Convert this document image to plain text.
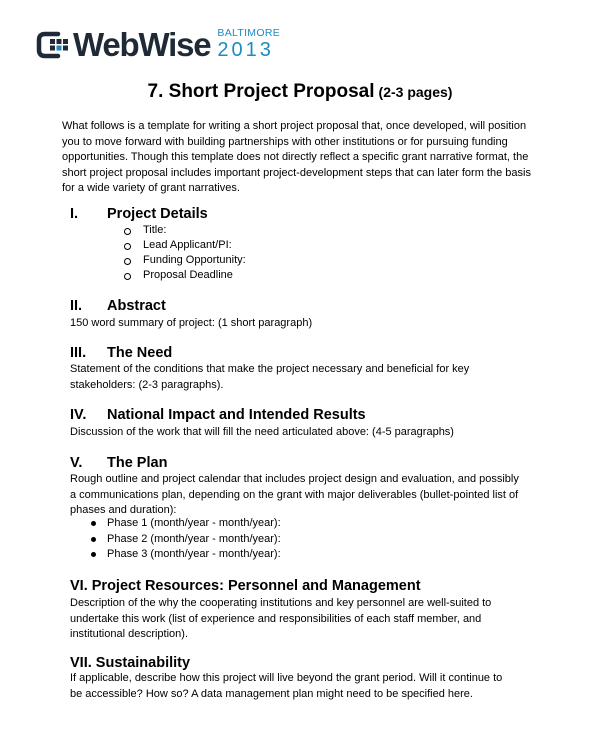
WebWise BALTIMORE
2013
7. Short Project Proposal (2-3 pages)
What follows is a template for writing a short project proposal that, once developed, will position
you to move forward with building partnerships with other institutions or for pursuing funding
opportunities. Though this template does not directly reflect a specific grant narrative format, the
short project proposal includes important project-development steps that can later form the basis
for a wide variety of grant narratives.
I. Project Details
Title:
Lead Applicant/PI:
Funding Opportunity:
Proposal Deadline
II. Abstract
150 word summary of project: (1 short paragraph)
III. The Need
Statement of the conditions that make the project necessary and beneficial for key
stakeholders: (2-3 paragraphs).
IV. National Impact and Intended Results
Discussion of the work that will fill the need articulated above: (4-5 paragraphs)
V. The Plan
Rough outline and project calendar that includes project design and evaluation, and possibly
a communications plan, depending on the grant with major deliverables (bullet-pointed list of
phases and duration):
Phase 1 (month/year - month/year):
Phase 2 (month/year - month/year):
Phase 3 (month/year - month/year):
VI. Project Resources: Personnel and Management
Description of the why the cooperating institutions and key personnel are well-suited to
undertake this work (list of experience and responsibilities of each staff member, and
institutional description).
VII. Sustainability
If applicable, describe how this project will live beyond the grant period. Will it continue to
be accessible? How so? A data management plan might need to be specified here.
